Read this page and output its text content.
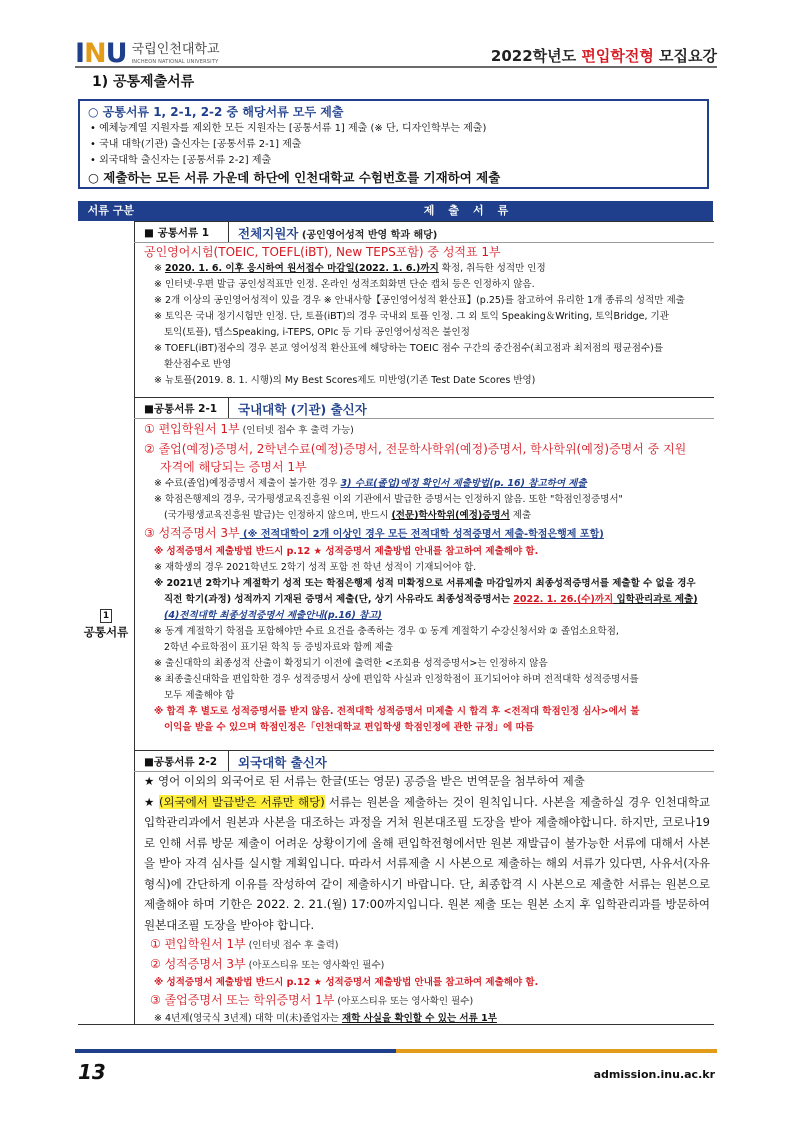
INU 국립인천대학교
INCHEON NATIONAL UNIVERSITY	2022학년도 편입학전형 모집요강
1) 공통제출서류
○ 공통서류 1, 2-1, 2-2 중 해당서류 모두 제출
• 예체능계열 지원자를 제외한 모든 지원자는 [공통서류 1] 제출 (※ 단, 디자인학부는 제출)
• 국내 대학(기관) 출신자는 [공통서류 2-1] 제출
• 외국대학 출신자는 [공통서류 2-2] 제출
○ 제출하는 모든 서류 가운데 하단에 인천대학교 수험번호를 기재하여 제출
서류 구분	제출서류
1
공통서류
■ 공통서류 1 전체지원자 (공인영어성적 반영 학과 해당)
공인영어시험(TOEIC, TOEFL(iBT), New TEPS포함) 중 성적표 1부
※ 2020. 1. 6. 이후 응시하여 원서접수 마감일(2022. 1. 6.)까지 확정, 취득한 성적만 인정
※ 인터넷·우편 발급 공인성적표만 인정. 온라인 성적조회화면 단순 캡처 등은 인정하지 않음.
※ 2개 이상의 공인영어성적이 있을 경우 ※ 안내사항【공인영어성적 환산표】(p.25)를 참고하여 유리한 1개 종류의 성적만 제출
※ 토익은 국내 정기시험만 인정. 단, 토플(iBT)의 경우 국내외 토플 인정. 그 외 토익 Speaking＆Writing, 토익Bridge, 기관
토익(토플), 텝스Speaking, i-TEPS, OPIc 등 기타 공인영어성적은 불인정
※ TOEFL(iBT)점수의 경우 본교 영어성적 환산표에 해당하는 TOEIC 점수 구간의 중간점수(최고점과 최저점의 평균점수)를
환산점수로 반영
※ 뉴토플(2019. 8. 1. 시행)의 My Best Scores제도 미반영(기존 Test Date Scores 반영)
■공통서류 2-1 국내대학 (기관) 출신자
① 편입학원서 1부 (인터넷 접수 후 출력 가능)
② 졸업(예정)증명서, 2학년수료(예정)증명서, 전문학사학위(예정)증명서, 학사학위(예정)증명서 중 지원
자격에 해당되는 증명서 1부
※ 수료(졸업)예정증명서 제출이 불가한 경우 3) 수료(졸업)예정 확인서 제출방법(p. 16) 참고하여 제출
※ 학점은행제의 경우, 국가평생교육진흥원 이외 기관에서 발급한 증명서는 인정하지 않음. 또한 "학점인정증명서"
(국가평생교육진흥원 발급)는 인정하지 않으며, 반드시 (전문)학사학위(예정)증명서 제출
③ 성적증명서 3부 (※ 전적대학이 2개 이상인 경우 모든 전적대학 성적증명서 제출-학점은행제 포함)
※ 성적증명서 제출방법 반드시 p.12 ★ 성적증명서 제출방법 안내를 참고하여 제출해야 함.
※ 재학생의 경우 2021학년도 2학기 성적 포함 전 학년 성적이 기재되어야 함.
※ 2021년 2학기나 계절학기 성적 또는 학점은행제 성적 미확정으로 서류제출 마감일까지 최종성적증명서를 제출할 수 없을 경우
직전 학기(과정) 성적까지 기재된 증명서 제출(단, 상기 사유라도 최종성적증명서는 2022. 1. 26.(수)까지 입학관리과로 제출)
(4)전적대학 최종성적증명서 제출안내(p.16) 참고)
※ 동계 계절학기 학점을 포함해야만 수료 요건을 충족하는 경우 ① 동계 계절학기 수강신청서와 ② 졸업소요학점,
2학년 수료학점이 표기된 학칙 등 증빙자료와 함께 제출
※ 출신대학의 최종성적 산출이 확정되기 이전에 출력한 <조회용 성적증명서>는 인정하지 않음
※ 최종출신대학을 편입학한 경우 성적증명서 상에 편입학 사실과 인정학점이 표기되어야 하며 전적대학 성적증명서를
모두 제출해야 함
※ 합격 후 별도로 성적증명서를 받지 않음. 전적대학 성적증명서 미제출 시 합격 후 <전적대 학점인정 심사>에서 불
이익을 받을 수 있으며 학점인정은「인천대학교 편입학생 학점인정에 관한 규정」에 따름
■공통서류 2-2 외국대학 출신자
★ 영어 이외의 외국어로 된 서류는 한글(또는 영문) 공증을 받은 번역문을 첨부하여 제출
★ (외국에서 발급받은 서류만 해당) 서류는 원본을 제출하는 것이 원칙입니다. 사본을 제출하실 경우 인천대학교 입학관리과에서 원본과 사본을 대조하는 과정을 거쳐 원본대조필 도장을 받아 제출해야합니다. 하지만, 코로나19로 인해 서류 방문 제출이 어려운 상황이기에 올해 편입학전형에서만 원본 재발급이 불가능한 서류에 대해서 사본을 받아 자격 심사를 실시할 계획입니다. 따라서 서류제출 시 사본으로 제출하는 해외 서류가 있다면, 사유서(자유형식)에 간단하게 이유를 작성하여 같이 제출하시기 바랍니다. 단, 최종합격 시 사본으로 제출한 서류는 원본으로 제출해야 하며 기한은 2022. 2. 21.(월) 17:00까지입니다. 원본 제출 또는 원본 소지 후 입학관리과를 방문하여 원본대조필 도장을 받아야 합니다.
① 편입학원서 1부 (인터넷 접수 후 출력)
② 성적증명서 3부 (아포스티유 또는 영사확인 필수)
※ 성적증명서 제출방법 반드시 p.12 ★ 성적증명서 제출방법 안내를 참고하여 제출해야 함.
③ 졸업증명서 또는 학위증명서 1부 (아포스티유 또는 영사확인 필수)
※ 4년제(영국식 3년제) 대학 미(未)졸업자는 재학 사실을 확인할 수 있는 서류 1부
13	admission.inu.ac.kr
